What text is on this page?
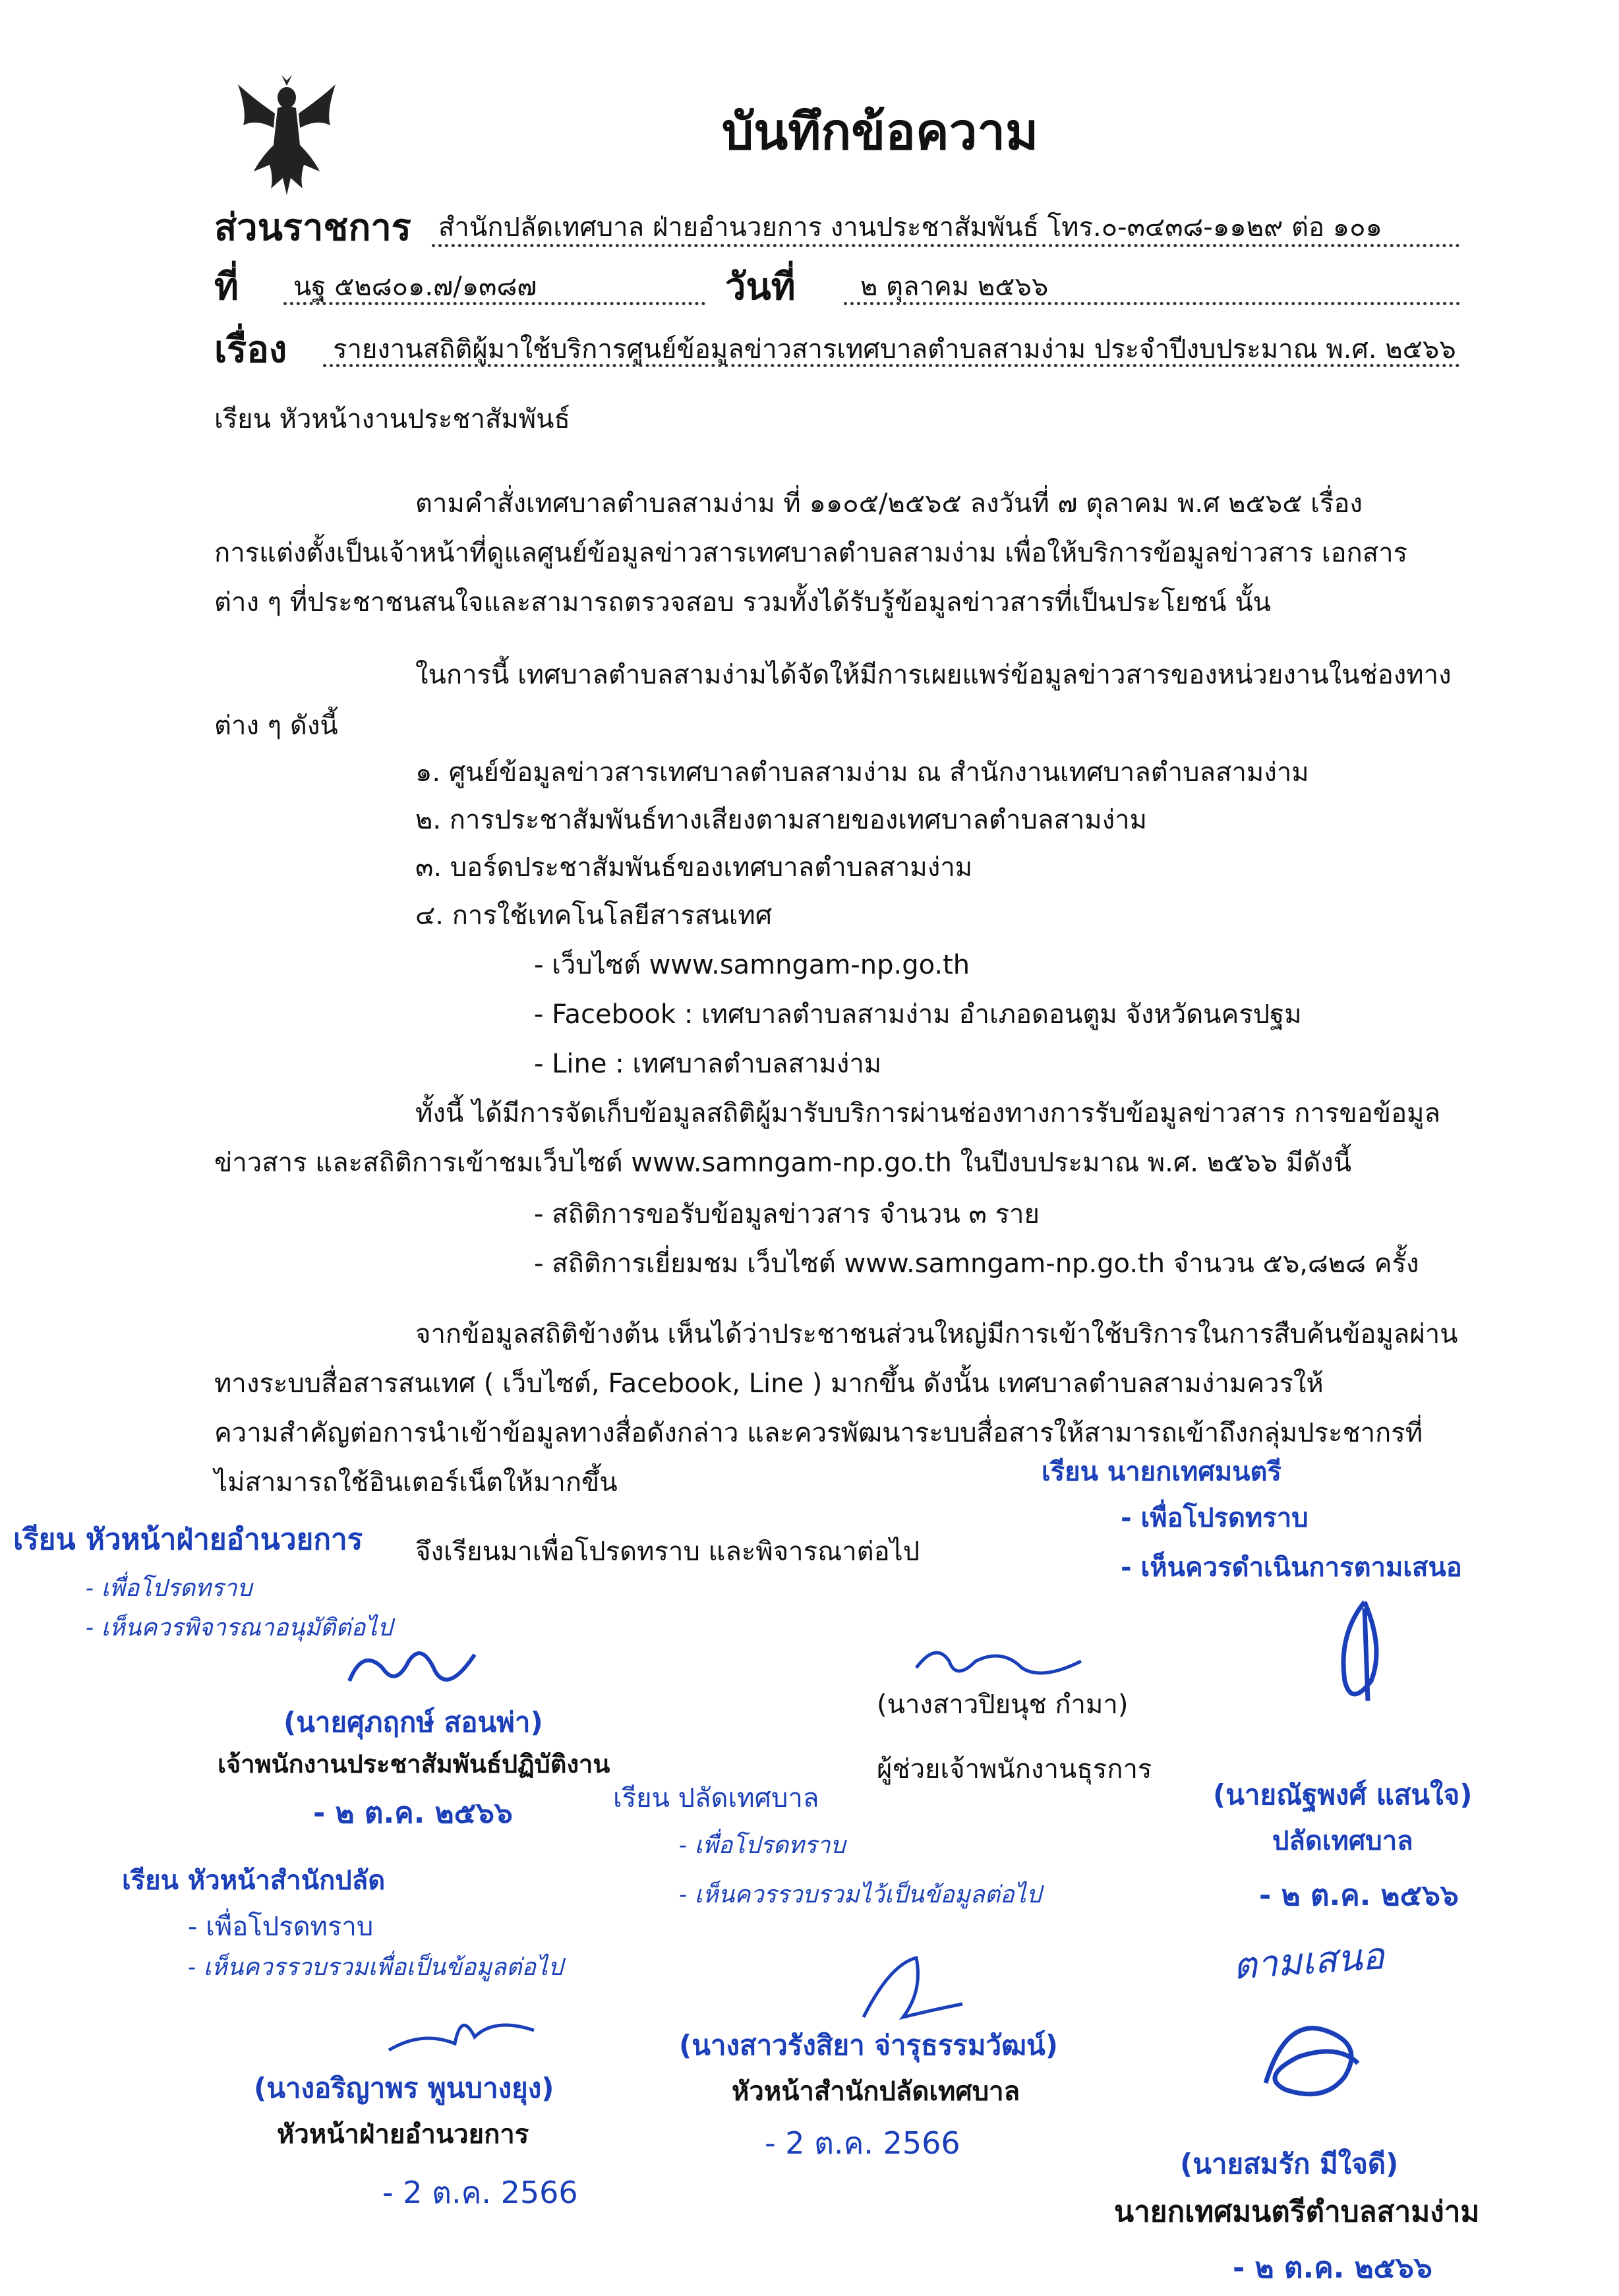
บันทึกข้อความ
ส่วนราชการ สำนักปลัดเทศบาล ฝ่ายอำนวยการ งานประชาสัมพันธ์ โทร.๐-๓๔๓๘-๑๑๒๙ ต่อ ๑๐๑
ที่ นฐ ๕๒๘๐๑.๗/๑๓๘๗	วันที่ ๒ ตุลาคม ๒๕๖๖
เรื่อง รายงานสถิติผู้มาใช้บริการศูนย์ข้อมูลข่าวสารเทศบาลตำบลสามง่าม ประจำปีงบประมาณ พ.ศ. ๒๕๖๖
เรียน หัวหน้างานประชาสัมพันธ์
ตามคำสั่งเทศบาลตำบลสามง่าม ที่ ๑๑๐๕/๒๕๖๕ ลงวันที่ ๗ ตุลาคม พ.ศ ๒๕๖๕ เรื่อง
การแต่งตั้งเป็นเจ้าหน้าที่ดูแลศูนย์ข้อมูลข่าวสารเทศบาลตำบลสามง่าม เพื่อให้บริการข้อมูลข่าวสาร เอกสาร
ต่าง ๆ ที่ประชาชนสนใจและสามารถตรวจสอบ รวมทั้งได้รับรู้ข้อมูลข่าวสารที่เป็นประโยชน์ นั้น
ในการนี้ เทศบาลตำบลสามง่ามได้จัดให้มีการเผยแพร่ข้อมูลข่าวสารของหน่วยงานในช่องทาง
ต่าง ๆ ดังนี้
๑. ศูนย์ข้อมูลข่าวสารเทศบาลตำบลสามง่าม ณ สำนักงานเทศบาลตำบลสามง่าม
๒. การประชาสัมพันธ์ทางเสียงตามสายของเทศบาลตำบลสามง่าม
๓. บอร์ดประชาสัมพันธ์ของเทศบาลตำบลสามง่าม
๔. การใช้เทคโนโลยีสารสนเทศ
- เว็บไซต์ www.samngam-np.go.th
- Facebook : เทศบาลตำบลสามง่าม อำเภอดอนตูม จังหวัดนครปฐม
- Line : เทศบาลตำบลสามง่าม
ทั้งนี้ ได้มีการจัดเก็บข้อมูลสถิติผู้มารับบริการผ่านช่องทางการรับข้อมูลข่าวสาร การขอข้อมูล
ข่าวสาร และสถิติการเข้าชมเว็บไซต์ www.samngam-np.go.th ในปีงบประมาณ พ.ศ. ๒๕๖๖ มีดังนี้
- สถิติการขอรับข้อมูลข่าวสาร จำนวน ๓ ราย
- สถิติการเยี่ยมชม เว็บไซต์ www.samngam-np.go.th จำนวน ๕๖,๘๒๘ ครั้ง
จากข้อมูลสถิติข้างต้น เห็นได้ว่าประชาชนส่วนใหญ่มีการเข้าใช้บริการในการสืบค้นข้อมูลผ่าน
ทางระบบสื่อสารสนเทศ ( เว็บไซต์, Facebook, Line ) มากขึ้น ดังนั้น เทศบาลตำบลสามง่ามควรให้
ความสำคัญต่อการนำเข้าข้อมูลทางสื่อดังกล่าว และควรพัฒนาระบบสื่อสารให้สามารถเข้าถึงกลุ่มประชากรที่
ไม่สามารถใช้อินเตอร์เน็ตให้มากขึ้น
จึงเรียนมาเพื่อโปรดทราบ และพิจารณาต่อไป
เรียน นายกเทศมนตรี
- เพื่อโปรดทราบ
- เห็นควรดำเนินการตามเสนอ
เรียน หัวหน้าฝ่ายอำนวยการ
- เพื่อโปรดทราบ
- เห็นควรพิจารณาอนุมัติต่อไป
(นายศุภฤกษ์ สอนพ่า)
เจ้าพนักงานประชาสัมพันธ์ปฏิบัติงาน
- ๒ ต.ค. ๒๕๖๖
(นางสาวปิยนุช กำมา)
ผู้ช่วยเจ้าพนักงานธุรการ
(นายณัฐพงศ์ แสนใจ)
ปลัดเทศบาล
- ๒ ต.ค. ๒๕๖๖
เรียน ปลัดเทศบาล
- เพื่อโปรดทราบ
- เห็นควรรวบรวมไว้เป็นข้อมูลต่อไป
เรียน หัวหน้าสำนักปลัด
- เพื่อโปรดทราบ
- เห็นควรรวบรวมเพื่อเป็นข้อมูลต่อไป	ตามเสนอ
(นางอริญาพร พูนบางยุง)
หัวหน้าฝ่ายอำนวยการ
- 2 ต.ค. 2566
(นางสาวรังสิยา จ่ารุธรรมวัฒน์)
หัวหน้าสำนักปลัดเทศบาล
- 2 ต.ค. 2566
(นายสมรัก มีใจดี)
นายกเทศมนตรีตำบลสามง่าม
- ๒ ต.ค. ๒๕๖๖
